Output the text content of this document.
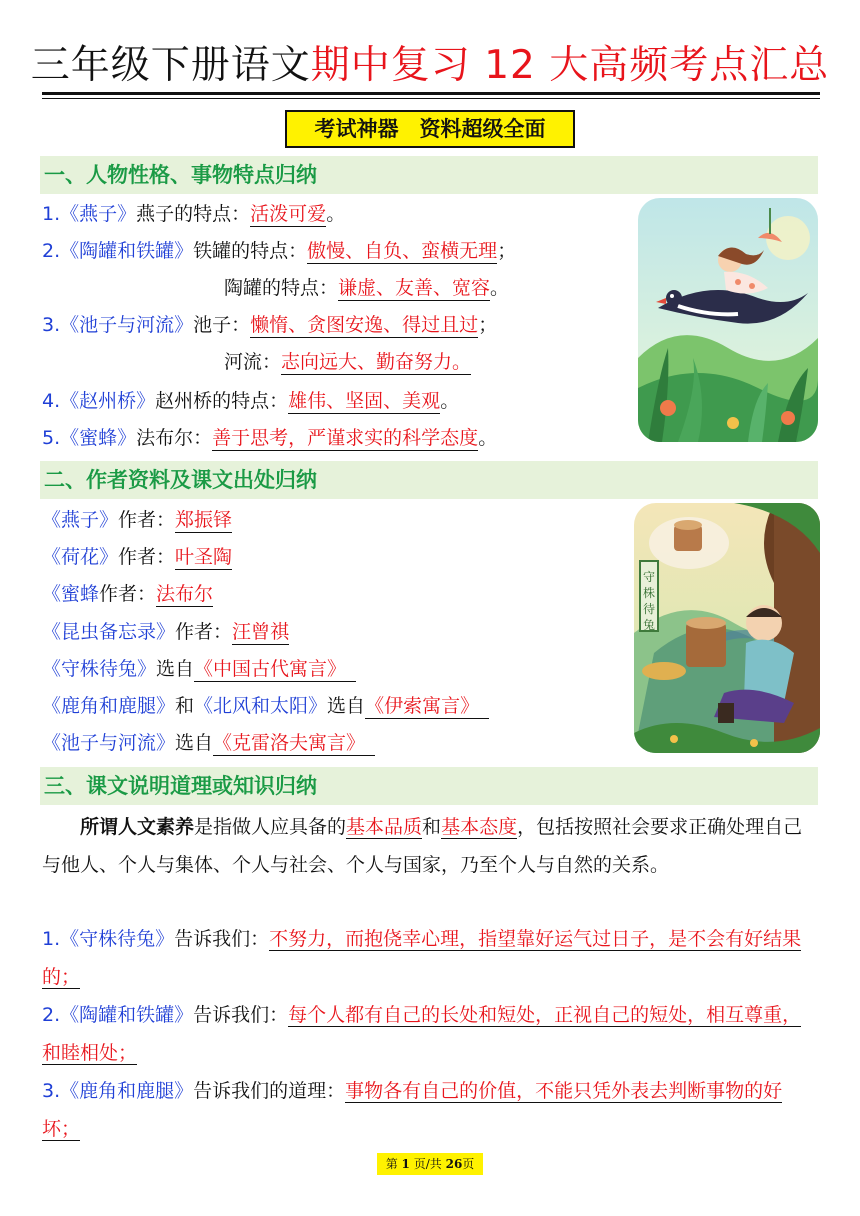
三年级下册语文期中复习 12 大高频考点汇总
考试神器　资料超级全面
一、人物性格、事物特点归纳
1.《燕子》燕子的特点：活泼可爱。
2.《陶罐和铁罐》铁罐的特点：傲慢、自负、蛮横无理；
陶罐的特点：谦虚、友善、宽容。
3.《池子与河流》池子：懒惰、贪图安逸、得过且过；
河流：志向远大、勤奋努力。
4.《赵州桥》赵州桥的特点：雄伟、坚固、美观。
5.《蜜蜂》法布尔：善于思考，严谨求实的科学态度。
二、作者资料及课文出处归纳
《燕子》作者：郑振铎
《荷花》作者：叶圣陶
《蜜蜂作者：法布尔
《昆虫备忘录》作者：汪曾祺
《守株待兔》选自《中国古代寓言》
《鹿角和鹿腿》和《北风和太阳》选自《伊索寓言》
《池子与河流》选自《克雷洛夫寓言》
守
株
待
兔
三、课文说明道理或知识归纳
所谓人文素养是指做人应具备的基本品质和基本态度，包括按照社会要求正确处理自己与他人、个人与集体、个人与社会、个人与国家，乃至个人与自然的关系。
1.《守株待兔》告诉我们：不努力，而抱侥幸心理，指望靠好运气过日子，是不会有好结果的；
2.《陶罐和铁罐》告诉我们：每个人都有自己的长处和短处，正视自己的短处，相互尊重，和睦相处；
3.《鹿角和鹿腿》告诉我们的道理：事物各有自己的价值，不能只凭外表去判断事物的好坏；
第 1 页/共 26页
